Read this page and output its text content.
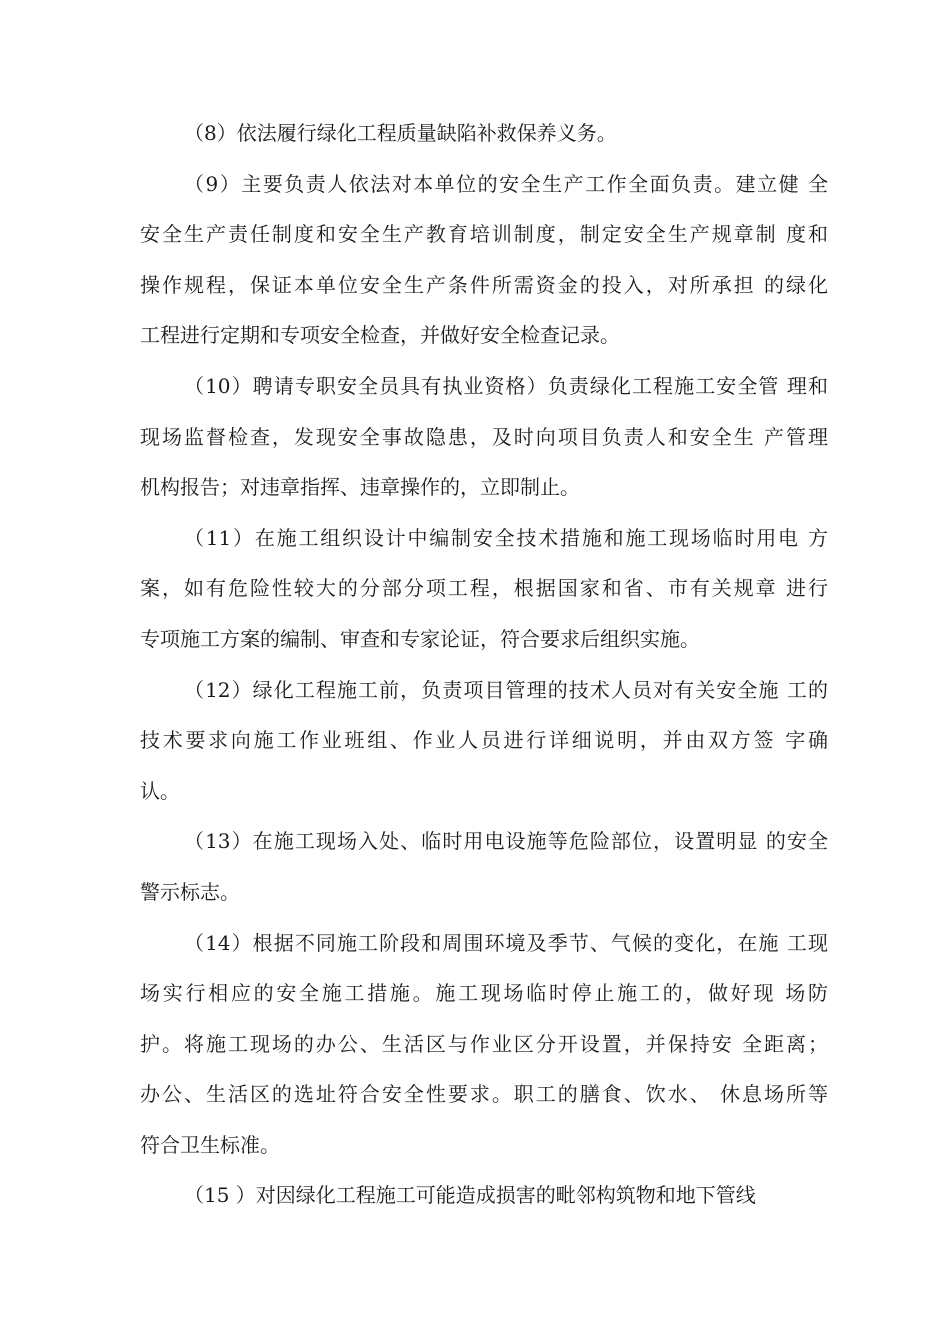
（8）依法履行绿化工程质量缺陷补救保养义务。
（9）主要负责人依法对本单位的安全生产工作全面负责。建立健 全
安全生产责任制度和安全生产教育培训制度，制定安全生产规章制 度和
操作规程，保证本单位安全生产条件所需资金的投入，对所承担 的绿化
工程进行定期和专项安全检查，并做好安全检查记录。
（10）聘请专职安全员具有执业资格）负责绿化工程施工安全管 理和
现场监督检查，发现安全事故隐患，及时向项目负责人和安全生 产管理
机构报告；对违章指挥、违章操作的，立即制止。
（11）在施工组织设计中编制安全技术措施和施工现场临时用电 方
案，如有危险性较大的分部分项工程，根据国家和省、市有关规章 进行
专项施工方案的编制、审查和专家论证，符合要求后组织实施。
（12）绿化工程施工前，负责项目管理的技术人员对有关安全施 工的
技术要求向施工作业班组、作业人员进行详细说明，并由双方签 字确
认。
（13）在施工现场入处、临时用电设施等危险部位，设置明显 的安全
警示标志。
（14）根据不同施工阶段和周围环境及季节、气候的变化，在施 工现
场实行相应的安全施工措施。施工现场临时停止施工的，做好现 场防
护。将施工现场的办公、生活区与作业区分开设置，并保持安 全距离；
办公、生活区的选址符合安全性要求。职工的膳食、饮水、 休息场所等
符合卫生标准。
（15 ）对因绿化工程施工可能造成损害的毗邻构筑物和地下管线
